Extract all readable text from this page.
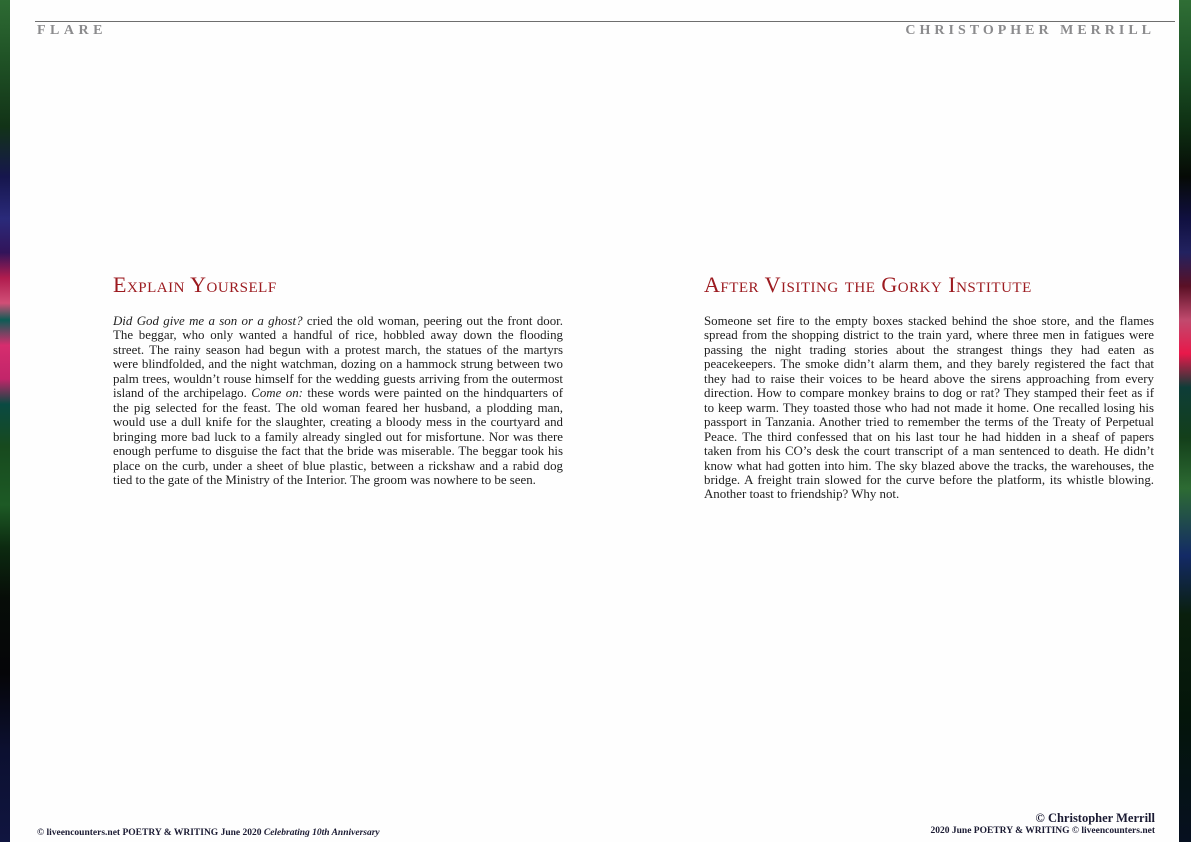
FLARE	CHRISTOPHER MERRILL
Explain Yourself
Did God give me a son or a ghost? cried the old woman, peering out the front door. The beggar, who only wanted a handful of rice, hobbled away down the flooding street. The rainy season had begun with a protest march, the statues of the martyrs were blindfolded, and the night watchman, dozing on a hammock strung between two palm trees, wouldn’t rouse himself for the wedding guests arriving from the outermost island of the archipelago. Come on: these words were painted on the hindquarters of the pig selected for the feast. The old woman feared her husband, a plodding man, would use a dull knife for the slaughter, creating a bloody mess in the courtyard and bringing more bad luck to a family already singled out for misfortune. Nor was there enough perfume to disguise the fact that the bride was miserable. The beggar took his place on the curb, under a sheet of blue plastic, between a rickshaw and a rabid dog tied to the gate of the Ministry of the Interior. The groom was nowhere to be seen.
After Visiting the Gorky Institute
Someone set fire to the empty boxes stacked behind the shoe store, and the flames spread from the shopping district to the train yard, where three men in fatigues were passing the night trading stories about the strangest things they had eaten as peacekeepers. The smoke didn’t alarm them, and they barely registered the fact that they had to raise their voices to be heard above the sirens approaching from every direction. How to compare monkey brains to dog or rat? They stamped their feet as if to keep warm. They toasted those who had not made it home. One recalled losing his passport in Tanzania. Another tried to remember the terms of the Treaty of Perpetual Peace. The third confessed that on his last tour he had hidden in a sheaf of papers taken from his CO’s desk the court transcript of a man sentenced to death. He didn’t know what had gotten into him. The sky blazed above the tracks, the warehouses, the bridge. A freight train slowed for the curve before the platform, its whistle blowing. Another toast to friendship? Why not.
© liveencounters.net POETRY & WRITING June 2020 Celebrating 10th Anniversary
© Christopher Merrill
2020 June POETRY & WRITING © liveencounters.net
